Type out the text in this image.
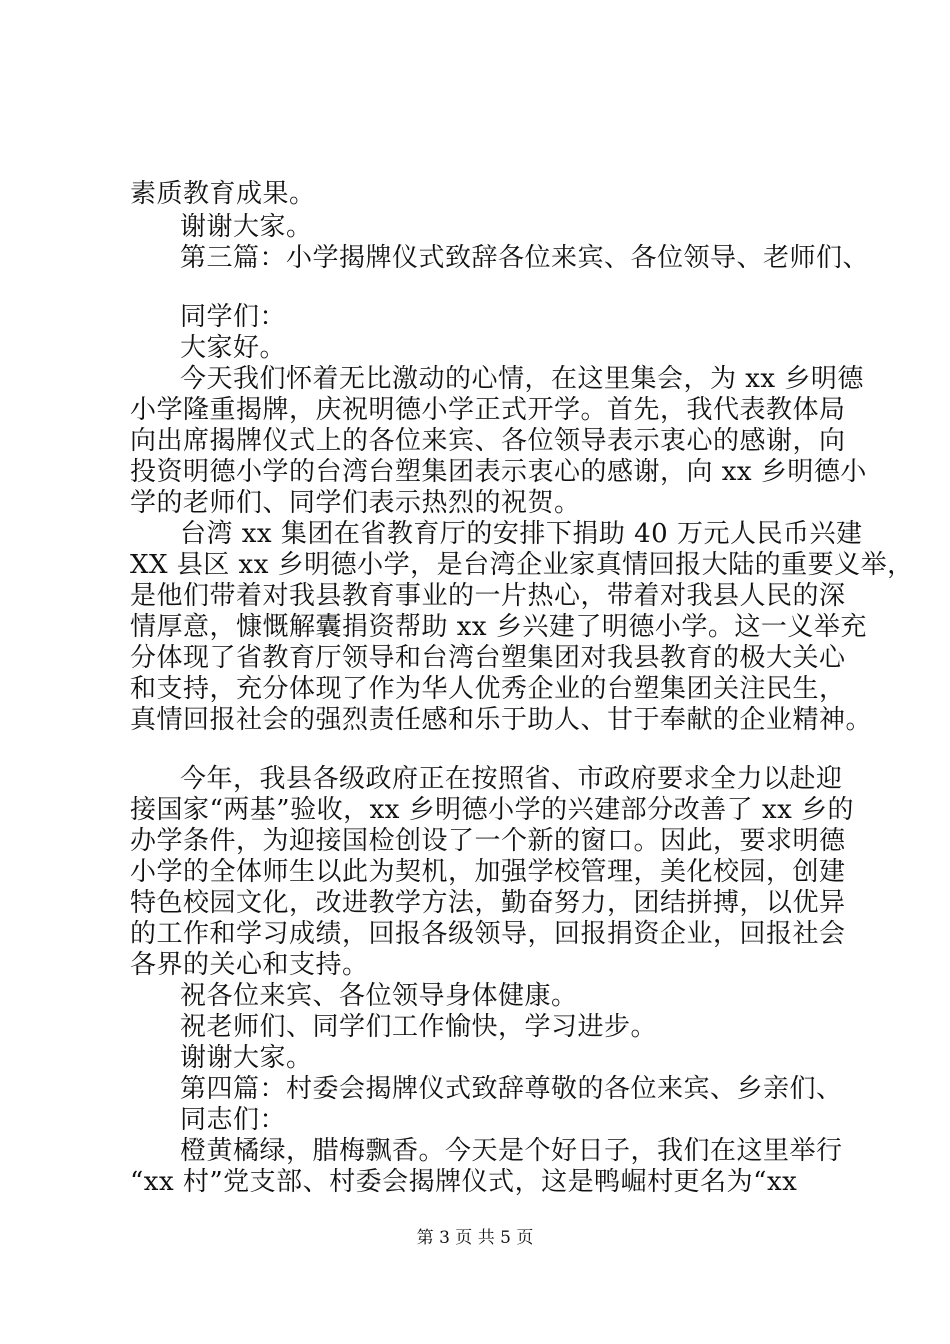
素质教育成果。
谢谢大家。
第三篇：小学揭牌仪式致辞各位来宾、各位领导、老师们、
同学们：
大家好。
今天我们怀着无比激动的心情，在这里集会，为 xx 乡明德
小学隆重揭牌，庆祝明德小学正式开学。首先，我代表教体局
向出席揭牌仪式上的各位来宾、各位领导表示衷心的感谢，向
投资明德小学的台湾台塑集团表示衷心的感谢，向 xx 乡明德小
学的老师们、同学们表示热烈的祝贺。
台湾 xx 集团在省教育厅的安排下捐助 40 万元人民币兴建
XX 县区 xx 乡明德小学，是台湾企业家真情回报大陆的重要义举，
是他们带着对我县教育事业的一片热心，带着对我县人民的深
情厚意，慷慨解囊捐资帮助 xx 乡兴建了明德小学。这一义举充
分体现了省教育厅领导和台湾台塑集团对我县教育的极大关心
和支持，充分体现了作为华人优秀企业的台塑集团关注民生，
真情回报社会的强烈责任感和乐于助人、甘于奉献的企业精神。
今年，我县各级政府正在按照省、市政府要求全力以赴迎
接国家“两基”验收，xx 乡明德小学的兴建部分改善了 xx 乡的
办学条件，为迎接国检创设了一个新的窗口。因此，要求明德
小学的全体师生以此为契机，加强学校管理，美化校园，创建
特色校园文化，改进教学方法，勤奋努力，团结拼搏，以优异
的工作和学习成绩，回报各级领导，回报捐资企业，回报社会
各界的关心和支持。
祝各位来宾、各位领导身体健康。
祝老师们、同学们工作愉快，学习进步。
谢谢大家。
第四篇：村委会揭牌仪式致辞尊敬的各位来宾、乡亲们、
同志们：
橙黄橘绿，腊梅飘香。今天是个好日子，我们在这里举行
“xx 村”党支部、村委会揭牌仪式，这是鸭崛村更名为“xx
第 3 页 共 5 页
